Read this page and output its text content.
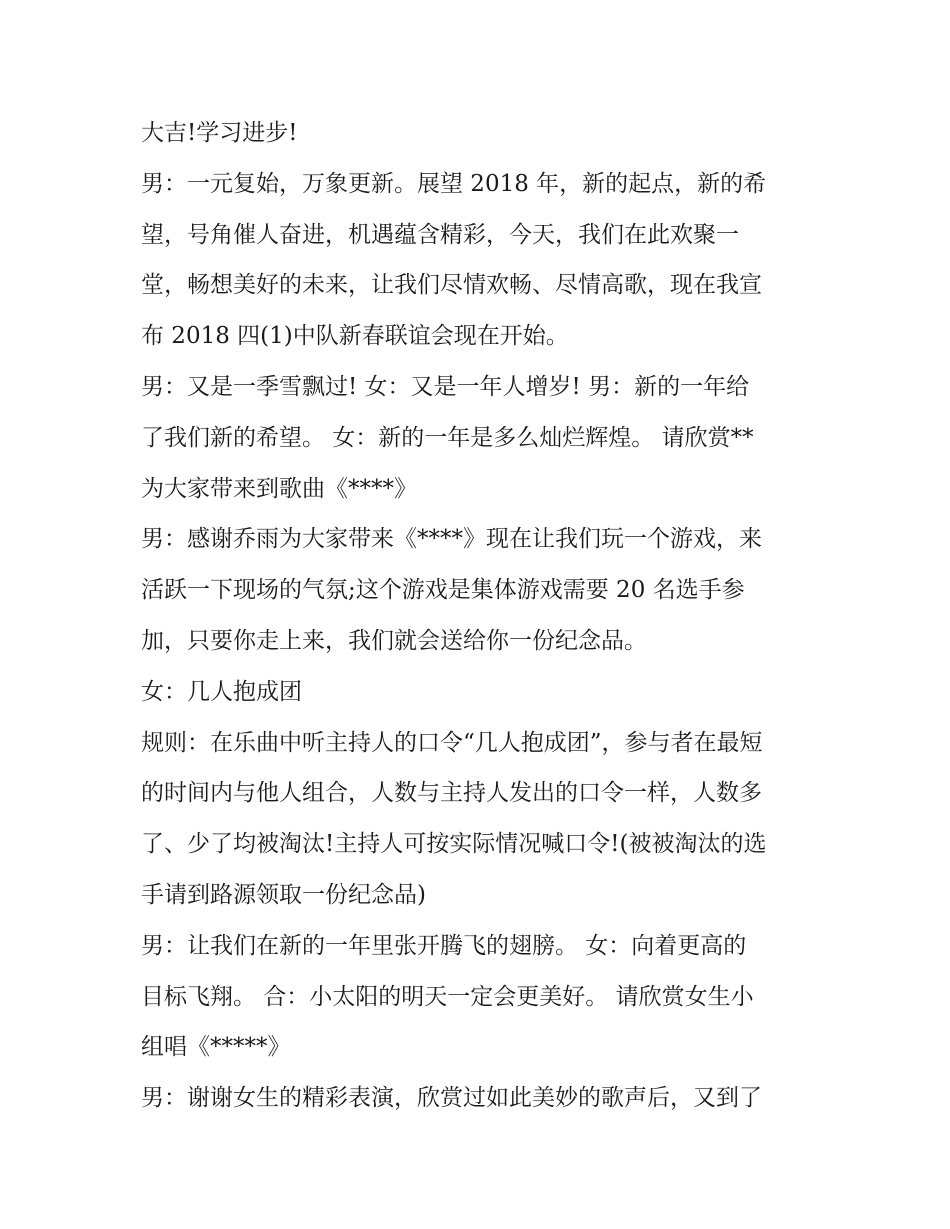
大吉!学习进步!
男：一元复始，万象更新。展望 2018 年，新的起点，新的希
望，号角催人奋进，机遇蕴含精彩，今天，我们在此欢聚一
堂，畅想美好的未来，让我们尽情欢畅、尽情高歌，现在我宣
布 2018 四(1)中队新春联谊会现在开始。
男：又是一季雪飘过! 女：又是一年人增岁! 男：新的一年给
了我们新的希望。 女：新的一年是多么灿烂辉煌。 请欣赏**
为大家带来到歌曲《****》
男：感谢乔雨为大家带来《****》现在让我们玩一个游戏，来
活跃一下现场的气氛;这个游戏是集体游戏需要 20 名选手参
加，只要你走上来，我们就会送给你一份纪念品。
女：几人抱成团
规则：在乐曲中听主持人的口令“几人抱成团”，参与者在最短
的时间内与他人组合，人数与主持人发出的口令一样，人数多
了、少了均被淘汰!主持人可按实际情况喊口令!(被被淘汰的选
手请到路源领取一份纪念品)
男：让我们在新的一年里张开腾飞的翅膀。 女：向着更高的
目标飞翔。 合：小太阳的明天一定会更美好。 请欣赏女生小
组唱《*****》
男：谢谢女生的精彩表演，欣赏过如此美妙的歌声后，又到了
